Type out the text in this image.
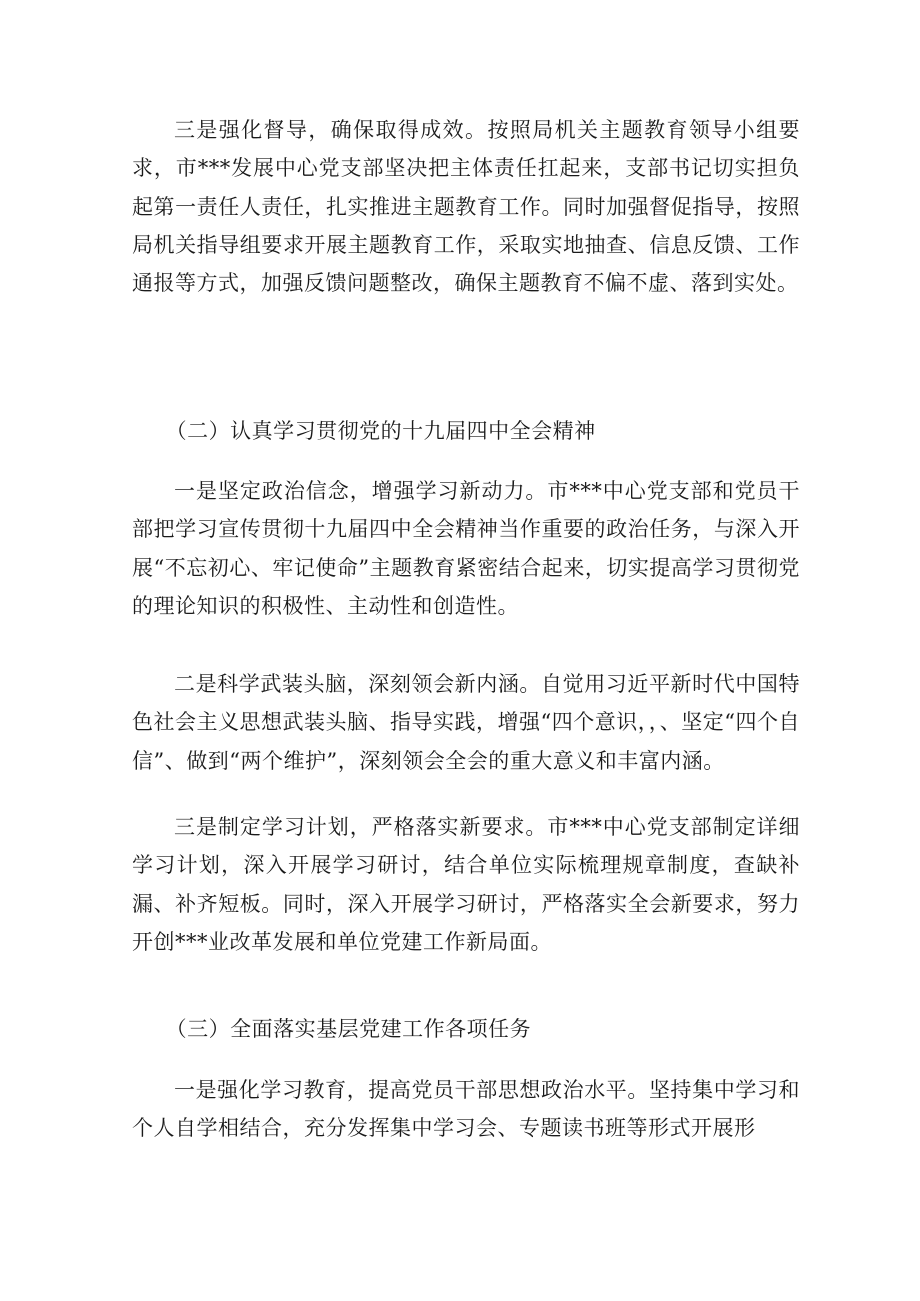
三是强化督导，确保取得成效。按照局机关主题教育领导小组要求，市***发展中心党支部坚决把主体责任扛起来，支部书记切实担负起第一责任人责任，扎实推进主题教育工作。同时加强督促指导，按照局机关指导组要求开展主题教育工作，采取实地抽查、信息反馈、工作通报等方式，加强反馈问题整改，确保主题教育不偏不虚、落到实处。

（二）认真学习贯彻党的十九届四中全会精神

一是坚定政治信念，增强学习新动力。市***中心党支部和党员干部把学习宣传贯彻十九届四中全会精神当作重要的政治任务，与深入开展“不忘初心、牢记使命”主题教育紧密结合起来，切实提高学习贯彻党的理论知识的积极性、主动性和创造性。

二是科学武装头脑，深刻领会新内涵。自觉用习近平新时代中国特色社会主义思想武装头脑、指导实践，增强“四个意识，，、坚定“四个自信”、做到“两个维护”，深刻领会全会的重大意义和丰富内涵。

三是制定学习计划，严格落实新要求。市***中心党支部制定详细学习计划，深入开展学习研讨，结合单位实际梳理规章制度，查缺补漏、补齐短板。同时，深入开展学习研讨，严格落实全会新要求，努力开创***业改革发展和单位党建工作新局面。

（三）全面落实基层党建工作各项任务

一是强化学习教育，提高党员干部思想政治水平。坚持集中学习和个人自学相结合，充分发挥集中学习会、专题读书班等形式开展形
